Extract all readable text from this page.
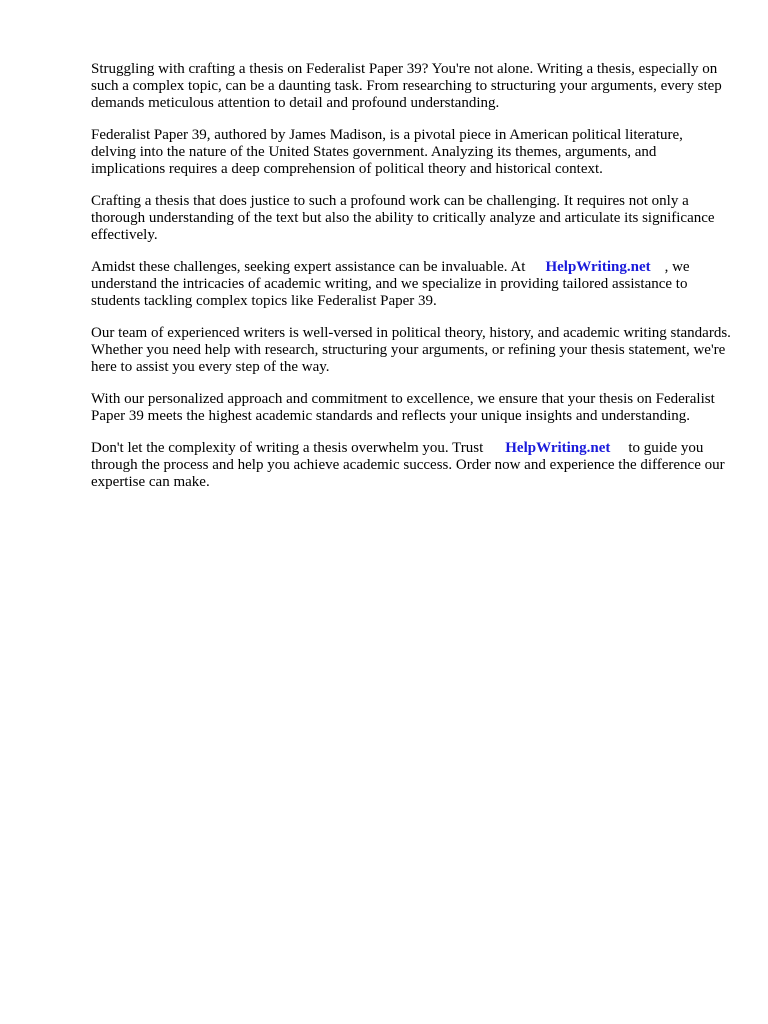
Struggling with crafting a thesis on Federalist Paper 39? You're not alone. Writing a thesis, especially on such a complex topic, can be a daunting task. From researching to structuring your arguments, every step demands meticulous attention to detail and profound understanding.

Federalist Paper 39, authored by James Madison, is a pivotal piece in American political literature, delving into the nature of the United States government. Analyzing its themes, arguments, and implications requires a deep comprehension of political theory and historical context.

Crafting a thesis that does justice to such a profound work can be challenging. It requires not only a thorough understanding of the text but also the ability to critically analyze and articulate its significance effectively.

Amidst these challenges, seeking expert assistance can be invaluable. At HelpWriting.net , we understand the intricacies of academic writing, and we specialize in providing tailored assistance to students tackling complex topics like Federalist Paper 39.

Our team of experienced writers is well-versed in political theory, history, and academic writing standards. Whether you need help with research, structuring your arguments, or refining your thesis statement, we're here to assist you every step of the way.

With our personalized approach and commitment to excellence, we ensure that your thesis on Federalist Paper 39 meets the highest academic standards and reflects your unique insights and understanding.

Don't let the complexity of writing a thesis overwhelm you. Trust HelpWriting.net to guide you through the process and help you achieve academic success. Order now and experience the difference our expertise can make.
